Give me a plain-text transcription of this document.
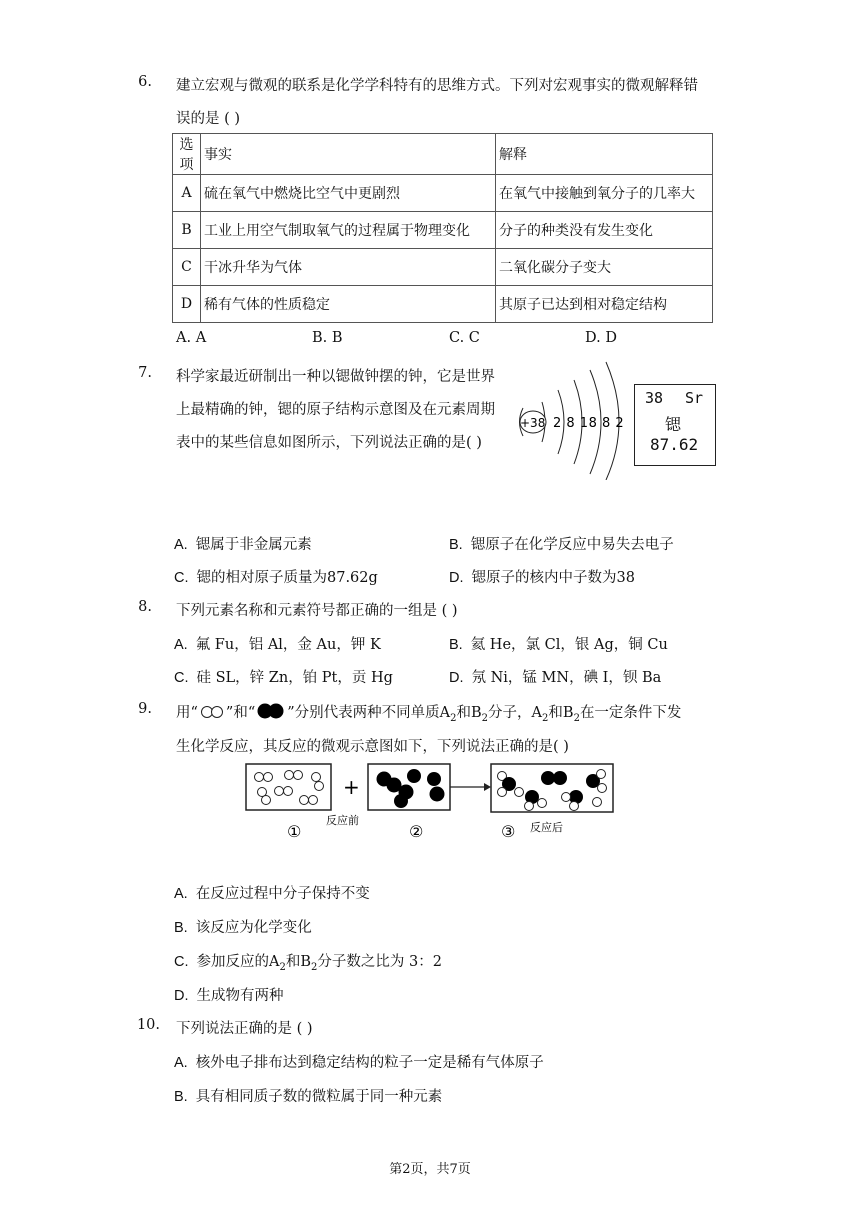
6. 建立宏观与微观的联系是化学学科特有的思维方式。下列对宏观事实的微观解释错
误的是 ( )
选项	事实	解释
A	硫在氧气中燃烧比空气中更剧烈	在氧气中接触到氧分子的几率大
B	工业上用空气制取氧气的过程属于物理变化	分子的种类没有发生变化
C	干冰升华为气体	二氧化碳分子变大
D	稀有气体的性质稳定	其原子已达到相对稳定结构
A. A	B. B	C. C	D. D
7. 科学家最近研制出一种以锶做钟摆的钟，它是世界
上最精确的钟，锶的原子结构示意图及在元素周期
表中的某些信息如图所示，下列说法正确的是( )
+38 2 8 18 8 2
38 Sr
锶
87.62
A. 锶属于非金属元素	B. 锶原子在化学反应中易失去电子
C. 锶的相对原子质量为87.62g	D. 锶原子的核内中子数为38
8. 下列元素名称和元素符号都正确的一组是 ( )
A. 氟 Fu，铝 Al，金 Au，钾 K	B. 氦 He，氯 Cl，银 Ag，铜 Cu
C. 硅 SL，锌 Zn，铂 Pt，贡 Hg	D. 氖 Ni，锰 MN，碘 I，钡 Ba
9. 用“ ”和“ ”分别代表两种不同单质$A_2$和$B_2$分子，$A_2$和$B_2$在一定条件下发
生化学反应，其反应的微观示意图如下，下列说法正确的是( )
+
①
反应前
②	③ 反应后
A. 在反应过程中分子保持不变
B. 该反应为化学变化
C. 参加反应的$A_2$和$B_2$分子数之比为 3：2
D. 生成物有两种
10. 下列说法正确的是 ( )
A. 核外电子排布达到稳定结构的粒子一定是稀有气体原子
B. 具有相同质子数的微粒属于同一种元素
第2页，共7页
